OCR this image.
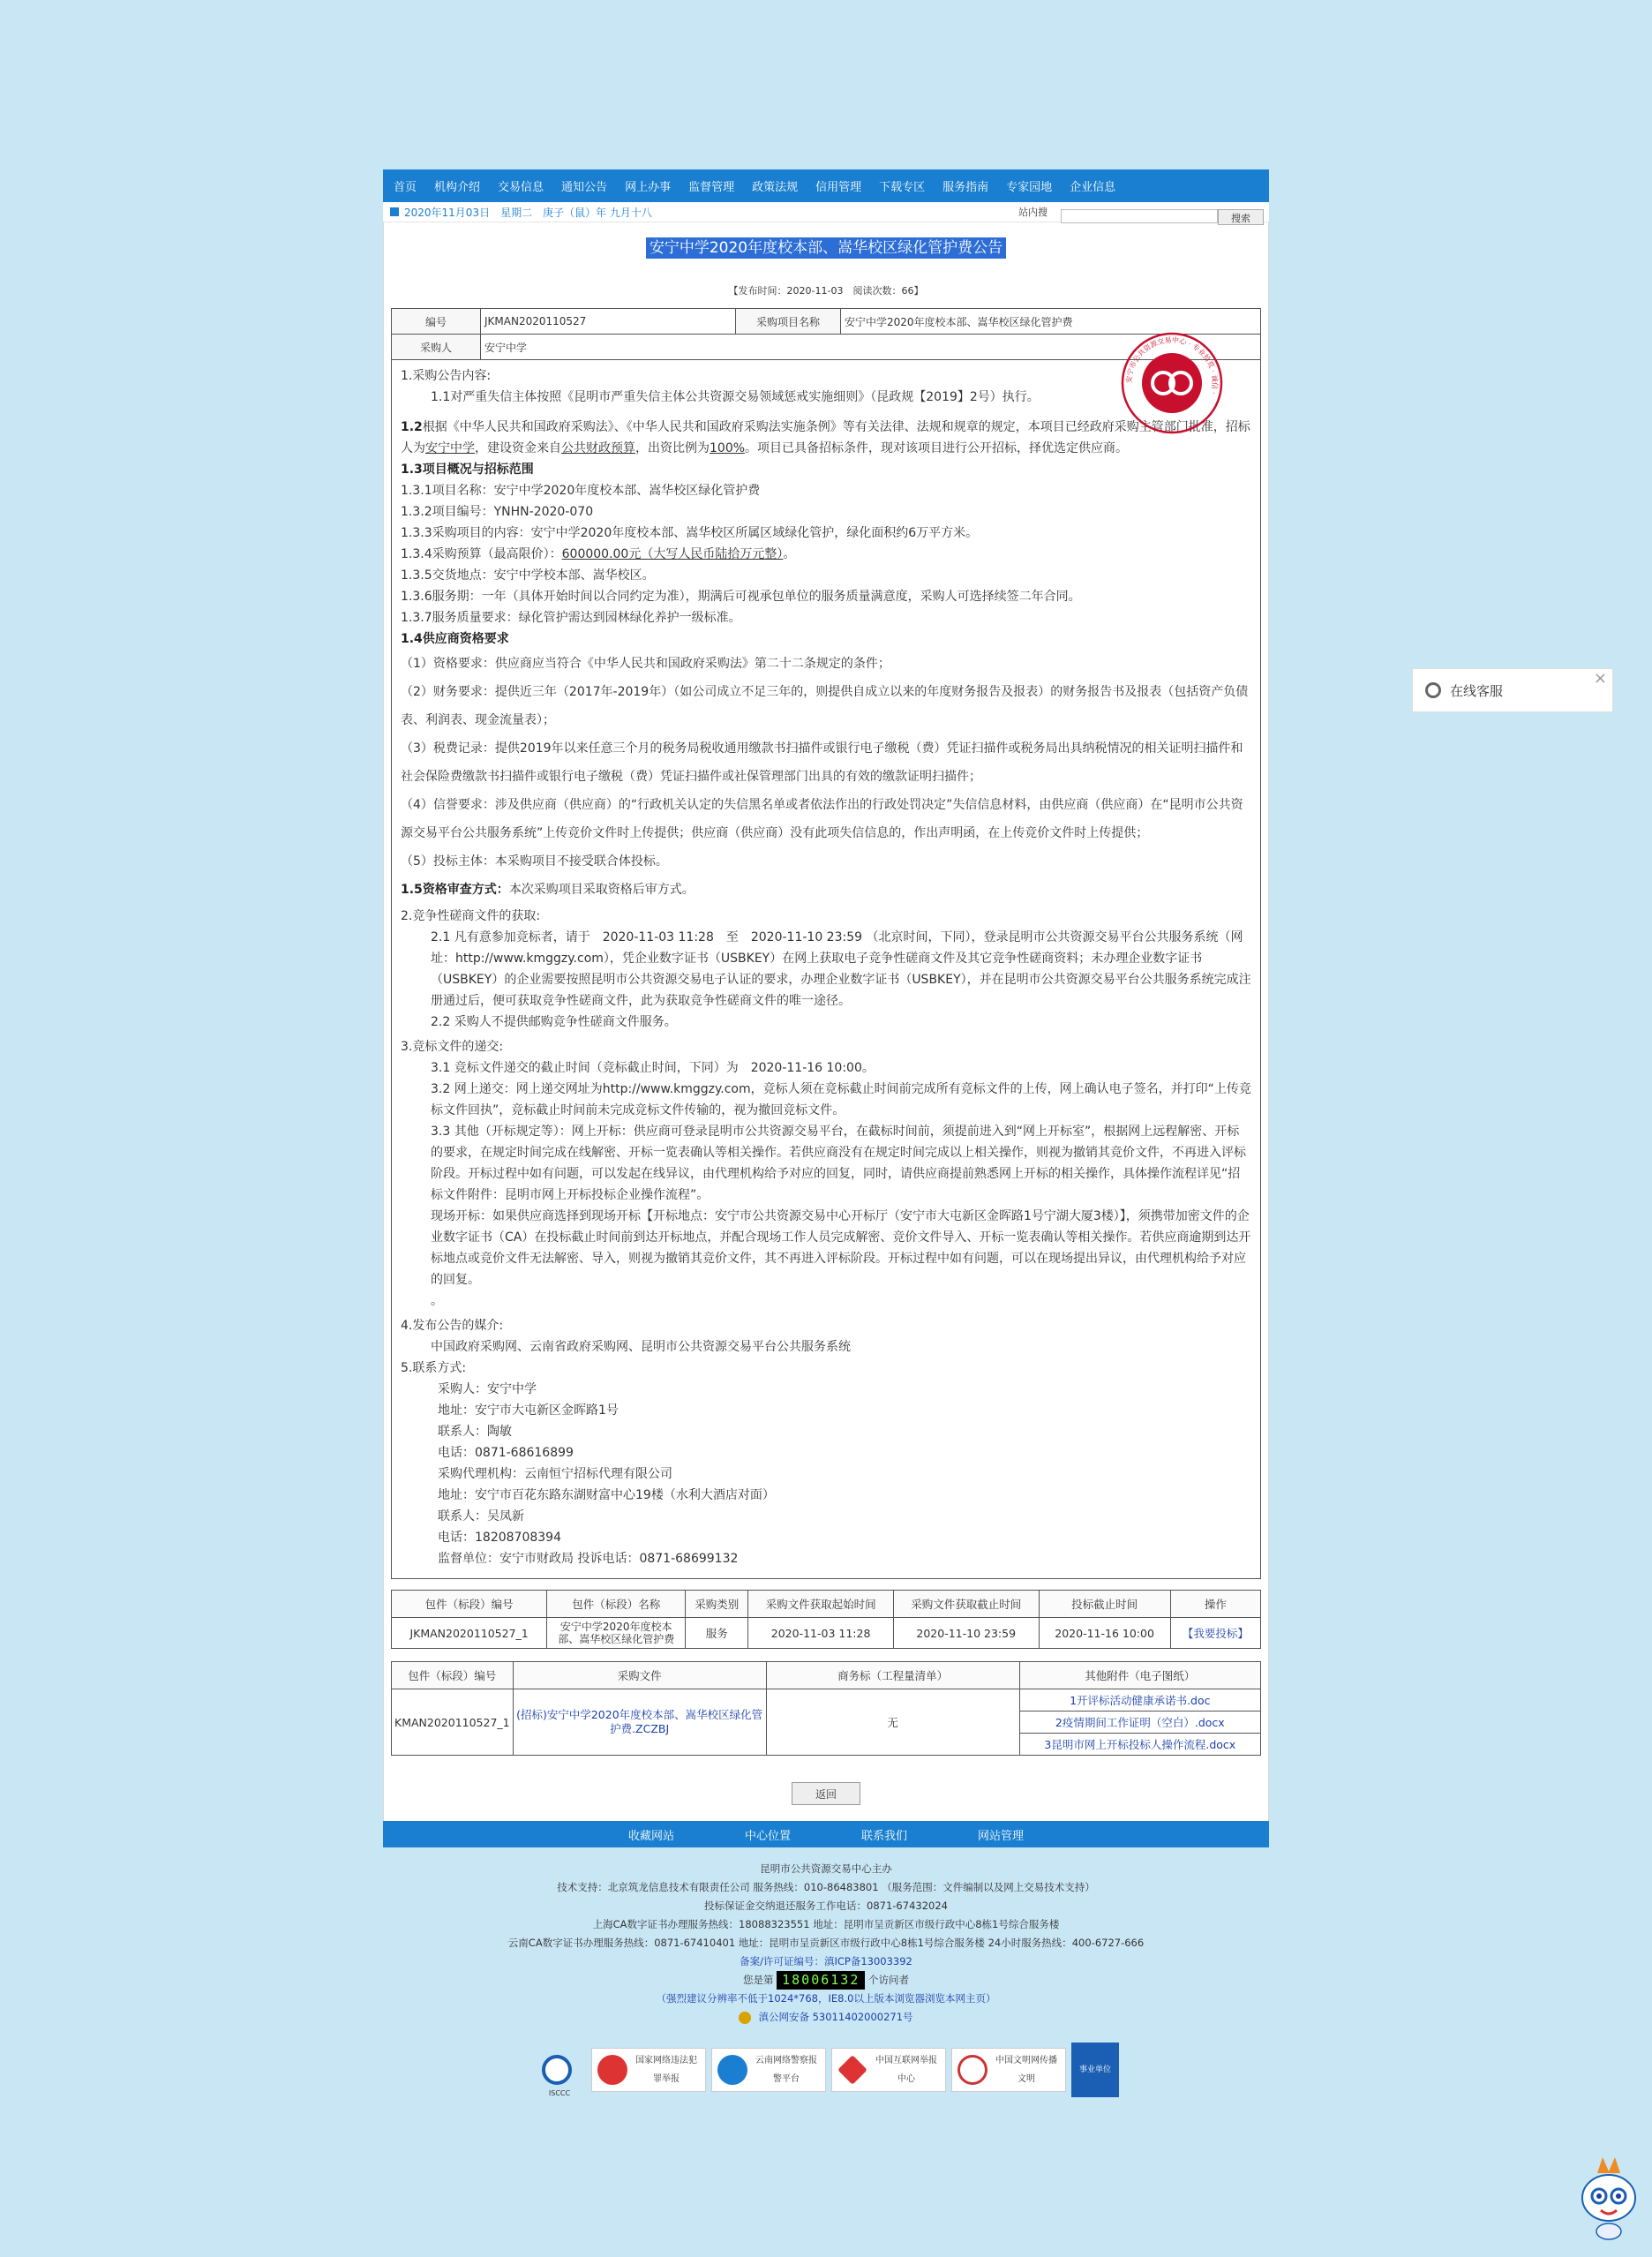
首页 机构介绍 交易信息 通知公告 网上办事 监督管理 政策法规 信用管理 下载专区 服务指南 专家园地 企业信息
2020年11月03日　星期二　庚子（鼠）年 九月十八	站内搜
搜索
安宁中学2020年度校本部、嵩华校区绿化管护费公告
【发布时间：2020-11-03　阅读次数：66】
编号	JKMAN2020110527	采购项目名称	安宁中学2020年度校本部、嵩华校区绿化管护费
采购人	安宁中学		
安宁市公共资源交易中心 · 专业拾荒 · 诚信 ·

1.采购公告内容:

1.1对严重失信主体按照《昆明市严重失信主体公共资源交易领域惩戒实施细则》（昆政规【2019】2号）执行。

1.2根据《中华人民共和国政府采购法》、《中华人民共和国政府采购法实施条例》等有关法律、法规和规章的规定，本项目已经政府采购主管部门批准，招标人为安宁中学，建设资金来自公共财政预算，出资比例为100%。项目已具备招标条件，现对该项目进行公开招标，择优选定供应商。

1.3项目概况与招标范围

1.3.1项目名称：安宁中学2020年度校本部、嵩华校区绿化管护费

1.3.2项目编号：YNHN-2020-070

1.3.3采购项目的内容：安宁中学2020年度校本部、嵩华校区所属区域绿化管护，绿化面积约6万平方米。

1.3.4采购预算（最高限价）：600000.00元（大写人民币陆拾万元整）。

1.3.5交货地点：安宁中学校本部、嵩华校区。

1.3.6服务期：一年（具体开始时间以合同约定为准），期满后可视承包单位的服务质量满意度，采购人可选择续签二年合同。

1.3.7服务质量要求：绿化管护需达到园林绿化养护一级标准。

1.4供应商资格要求

（1）资格要求：供应商应当符合《中华人民共和国政府采购法》第二十二条规定的条件；

（2）财务要求：提供近三年（2017年-2019年）（如公司成立不足三年的，则提供自成立以来的年度财务报告及报表）的财务报告书及报表（包括资产负债表、利润表、现金流量表）；

（3）税费记录：提供2019年以来任意三个月的税务局税收通用缴款书扫描件或银行电子缴税（费）凭证扫描件或税务局出具纳税情况的相关证明扫描件和社会保险费缴款书扫描件或银行电子缴税（费）凭证扫描件或社保管理部门出具的有效的缴款证明扫描件；

（4）信誉要求：涉及供应商（供应商）的“行政机关认定的失信黑名单或者依法作出的行政处罚决定”失信信息材料，由供应商（供应商）在“昆明市公共资源交易平台公共服务系统”上传竞价文件时上传提供；供应商（供应商）没有此项失信信息的，作出声明函，在上传竞价文件时上传提供；

（5）投标主体：本采购项目不接受联合体投标。

1.5资格审查方式：本次采购项目采取资格后审方式。

2.竞争性磋商文件的获取:

2.1 凡有意参加竞标者，请于　2020-11-03 11:28　至　2020-11-10 23:59 （北京时间，下同），登录昆明市公共资源交易平台公共服务系统（网址：http://www.kmggzy.com），凭企业数字证书（USBKEY）在网上获取电子竞争性磋商文件及其它竞争性磋商资料；未办理企业数字证书（USBKEY）的企业需要按照昆明市公共资源交易电子认证的要求，办理企业数字证书（USBKEY），并在昆明市公共资源交易平台公共服务系统完成注册通过后，便可获取竞争性磋商文件，此为获取竞争性磋商文件的唯一途径。

2.2 采购人不提供邮购竞争性磋商文件服务。

3.竞标文件的递交:

3.1 竞标文件递交的截止时间（竞标截止时间，下同）为　2020-11-16 10:00。

3.2 网上递交：网上递交网址为http://www.kmggzy.com，竞标人须在竞标截止时间前完成所有竞标文件的上传，网上确认电子签名，并打印“上传竞标文件回执”，竞标截止时间前未完成竞标文件传输的，视为撤回竞标文件。

3.3 其他（开标规定等）：网上开标：供应商可登录昆明市公共资源交易平台，在截标时间前，须提前进入到“网上开标室”，根据网上远程解密、开标的要求，在规定时间完成在线解密、开标一览表确认等相关操作。若供应商没有在规定时间完成以上相关操作，则视为撤销其竞价文件，不再进入评标阶段。开标过程中如有问题，可以发起在线异议，由代理机构给予对应的回复，同时，请供应商提前熟悉网上开标的相关操作，具体操作流程详见“招标文件附件：昆明市网上开标投标企业操作流程”。

现场开标：如果供应商选择到现场开标【开标地点：安宁市公共资源交易中心开标厅（安宁市大屯新区金晖路1号宁湖大厦3楼）】，须携带加密文件的企业数字证书（CA）在投标截止时间前到达开标地点，并配合现场工作人员完成解密、竞价文件导入、开标一览表确认等相关操作。若供应商逾期到达开标地点或竞价文件无法解密、导入，则视为撤销其竞价文件，其不再进入评标阶段。开标过程中如有问题，可以在现场提出异议，由代理机构给予对应的回复。

。

4.发布公告的媒介:

中国政府采购网、云南省政府采购网、昆明市公共资源交易平台公共服务系统

5.联系方式:

采购人：安宁中学

地址：安宁市大屯新区金晖路1号

联系人：陶敏

电话：0871-68616899

采购代理机构：云南恒宁招标代理有限公司

地址：安宁市百花东路东湖财富中心19楼（水利大酒店对面）

联系人：吴凤新

电话：18208708394

监督单位：安宁市财政局 投诉电话：0871-68699132

包件（标段）编号	包件（标段）名称	采购类别	采购文件获取起始时间	采购文件获取截止时间	投标截止时间	操作
JKMAN2020110527_1	安宁中学2020年度校本部、嵩华校区绿化管护费	服务	2020-11-03 11:28	2020-11-10 23:59	2020-11-16 10:00	【我要投标】
包件（标段）编号	采购文件	商务标（工程量清单）	其他附件（电子图纸）
KMAN2020110527_1	(招标)安宁中学2020年度校本部、嵩华校区绿化管护费.ZCZBJ	无	1开评标活动健康承诺书.doc
			2疫情期间工作证明（空白）.docx
			3昆明市网上开标投标人操作流程.docx
返回
收藏网站	中心位置	联系我们	网站管理
昆明市公共资源交易中心主办
技术支持：北京筑龙信息技术有限责任公司 服务热线：010-86483801 （服务范围：文件编制以及网上交易技术支持）
投标保证金交纳退还服务工作电话：0871-67432024
上海CA数字证书办理服务热线：18088323551 地址：昆明市呈贡新区市级行政中心8栋1号综合服务楼
云南CA数字证书办理服务热线：0871-67410401 地址：昆明市呈贡新区市级行政中心8栋1号综合服务楼 24小时服务热线：400-6727-666
备案/许可证编号：滇ICP备13003392
您是第 18006132 个访问者
（强烈建议分辨率不低于1024*768，IE8.0以上版本浏览器浏览本网主页）
滇公网安备 53011402000271号
ISCCC
国家网络违法犯罪举报
云南网络警察报警平台
中国互联网举报中心
中国文明网传播文明
事业单位
在线客服
×
